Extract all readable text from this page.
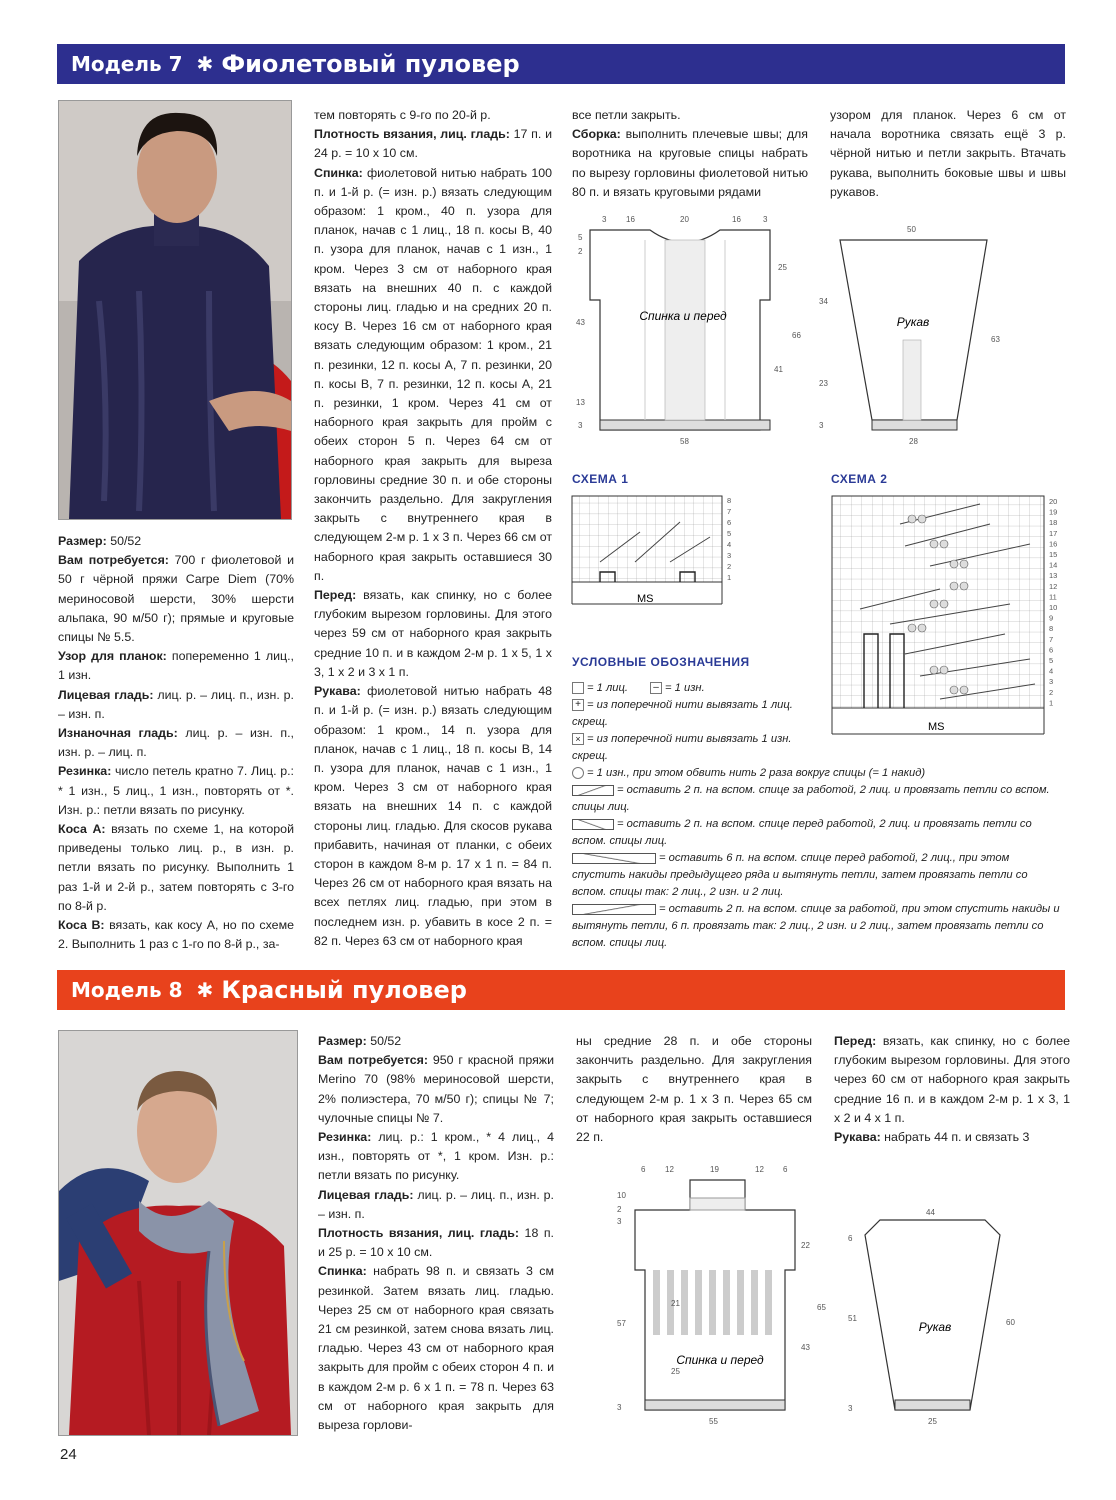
Модель 7 ✱ Фиолетовый пуловер

Размер: 50/52

Вам потребуется: 700 г фиолетовой и 50 г чёрной пряжи Carpe Diem (70% мериносовой шерсти, 30% шерсти альпака, 90 м/50 г); прямые и круговые спицы № 5.5.

Узор для планок: попеременно 1 лиц., 1 изн.

Лицевая гладь: лиц. р. – лиц. п., изн. р. – изн. п.

Изнаночная гладь: лиц. р. – изн. п., изн. р. – лиц. п.

Резинка: число петель кратно 7. Лиц. р.: * 1 изн., 5 лиц., 1 изн., повторять от *. Изн. р.: петли вязать по рисунку.

Коса А: вязать по схеме 1, на которой приведены только лиц. р., в изн. р. петли вязать по рисунку. Выполнить 1 раз 1-й и 2-й р., затем повторять с 3-го по 8-й р.

Коса В: вязать, как косу А, но по схеме 2. Выполнить 1 раз с 1-го по 8-й р., за-

тем повторять с 9-го по 20-й р.

Плотность вязания, лиц. гладь: 17 п. и 24 р. = 10 х 10 см.

Спинка: фиолетовой нитью набрать 100 п. и 1-й р. (= изн. р.) вязать следующим образом: 1 кром., 40 п. узора для планок, начав с 1 лиц., 18 п. косы В, 40 п. узора для планок, начав с 1 изн., 1 кром. Через 3 см от наборного края вязать на внешних 40 п. с каждой стороны лиц. гладью и на средних 20 п. косу В. Через 16 см от наборного края вязать следующим образом: 1 кром., 21 п. резинки, 12 п. косы А, 7 п. резинки, 20 п. косы В, 7 п. резинки, 12 п. косы А, 21 п. резинки, 1 кром. Через 41 см от наборного края закрыть для пройм с обеих сторон 5 п. Через 64 см от наборного края закрыть для выреза горловины средние 30 п. и обе стороны закончить раздельно. Для закругления закрыть с внутреннего края в следующем 2-м р. 1 х 3 п. Через 66 см от наборного края закрыть оставшиеся 30 п.

Перед: вязать, как спинку, но с более глубоким вырезом горловины. Для этого через 59 см от наборного края закрыть средние 10 п. и в каждом 2-м р. 1 х 5, 1 х 3, 1 х 2 и 3 х 1 п.

Рукава: фиолетовой нитью набрать 48 п. и 1-й р. (= изн. р.) вязать следующим образом: 1 кром., 14 п. узора для планок, начав с 1 лиц., 18 п. косы В, 14 п. узора для планок, начав с 1 изн., 1 кром. Через 3 см от наборного края вязать на внешних 14 п. с каждой стороны лиц. гладью. Для скосов рукава прибавить, начиная от планки, с обеих сторон в каждом 8-м р. 17 х 1 п. = 84 п. Через 26 см от наборного края вязать на всех петлях лиц. гладью, при этом в последнем изн. р. убавить в косе 2 п. = 82 п. Через 63 см от наборного края

все петли закрыть.

Сборка: выполнить плечевые швы; для воротника на круговые спицы набрать по вырезу горловины фиолетовой нитью 80 п. и вязать круговыми рядами

узором для планок. Через 6 см от начала воротника связать ещё 3 р. чёрной нитью и петли закрыть. Втачать рукава, выполнить боковые швы и швы рукавов.

Спинка и перед
3 16	20	16	3
5
2
25
43
66
41
13
3
58
Рукав
50
34
63
23
3
28
СХЕМА 1
MS
8
7
6
5
4
3
2
1
СХЕМА 2
MS
20
19
18
17
16
15
14
13
12
11
10
9
8
7
6
5
4
3
2
1
УСЛОВНЫЕ ОБОЗНАЧЕНИЯ

= 1 лиц.	– = 1 изн.

+ = из поперечной нити вывязать 1 лиц. скрещ.

× = из поперечной нити вывязать 1 изн. скрещ.

= 1 изн., при этом обвить нить 2 раза вокруг спицы (= 1 накид)

= оставить 2 п. на вспом. спице за работой, 2 лиц. и провязать петли со вспом. спицы лиц.

= оставить 2 п. на вспом. спице перед работой, 2 лиц. и провязать петли со вспом. спицы лиц.

= оставить 6 п. на вспом. спице перед работой, 2 лиц., при этом спустить накиды предыдущего ряда и вытянуть петли, затем провязать петли со вспом. спицы так: 2 лиц., 2 изн. и 2 лиц.

= оставить 2 п. на вспом. спице за работой, при этом спустить накиды и вытянуть петли, 6 п. провязать так: 2 лиц., 2 изн. и 2 лиц., затем провязать петли со вспом. спицы лиц.

Модель 8 ✱ Красный пуловер

Размер: 50/52

Вам потребуется: 950 г красной пряжи Merino 70 (98% мериносовой шерсти, 2% полиэстера, 70 м/50 г); спицы № 7; чулочные спицы № 7.

Резинка: лиц. р.: 1 кром., * 4 лиц., 4 изн., повторять от *, 1 кром. Изн. р.: петли вязать по рисунку.

Лицевая гладь: лиц. р. – лиц. п., изн. р. – изн. п.

Плотность вязания, лиц. гладь: 18 п. и 25 р. = 10 х 10 см.

Спинка: набрать 98 п. и связать 3 см резинкой. Затем вязать лиц. гладью. Через 25 см от наборного края связать 21 см резинкой, затем снова вязать лиц. гладью. Через 43 см от наборного края закрыть для пройм с обеих сторон 4 п. и в каждом 2-м р. 6 х 1 п. = 78 п. Через 63 см от наборного края закрыть для выреза горлови-

ны средние 28 п. и обе стороны закончить раздельно. Для закругления закрыть с внутреннего края в следующем 2-м р. 1 х 3 п. Через 65 см от наборного края закрыть оставшиеся 22 п.

Перед: вязать, как спинку, но с более глубоким вырезом горловины. Для этого через 60 см от наборного края закрыть средние 16 п. и в каждом 2-м р. 1 х 3, 1 х 2 и 4 х 1 п.

Рукава: набрать 44 п. и связать 3

Спинка и перед
6 12	19	12 6
3
2
10
22
21	65
57
43
25
3
55
Рукав
44
6
51	60
3
25
24
